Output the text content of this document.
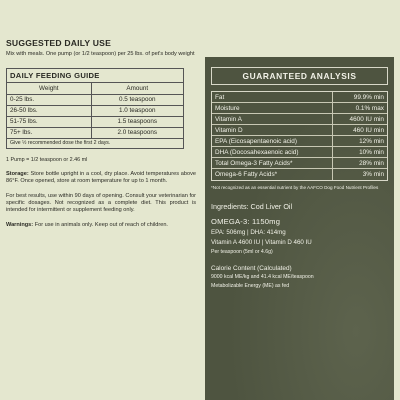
SUGGESTED DAILY USE
Mix with meals. One pump (or 1/2 teaspoon) per 25 lbs. of pet's body weight
DAILY FEEDING GUIDE
Weight	Amount
0-25 lbs.	0.5 teaspoon
26-50 lbs.	1.0 teaspoon
51-75 lbs.	1.5 teaspoons
75+ lbs.	2.0 teaspoons
Give ½ recommended dose the first 2 days.
1 Pump = 1/2 teaspoon or 2.46 ml
Storage: Store bottle upright in a cool, dry place. Avoid temperatures above 86°F. Once opened, store at room temperature for up to 1 month.
For best results, use within 90 days of opening. Consult your veterinarian for specific dosages. Not recognized as a complete diet. This product is intended for intermittent or supplement feeding only.
Warnings: For use in animals only. Keep out of reach of children.
GUARANTEED ANALYSIS
Fat	99.9% min
Moisture	0.1% max
Vitamin A	4600 IU min
Vitamin D	460 IU min
EPA (Eicosapentaenoic acid)	12% min
DHA (Docosahexaenoic acid)	10% min
Total Omega-3 Fatty Acids*	28% min
Omega-6 Fatty Acids*	3% min
*Not recognized as an essential nutrient by the AAFCO Dog Food Nutrient Profiles
Ingredients: Cod Liver Oil
OMEGA-3: 1150mg
EPA: 506mg | DHA: 414mg
Vitamin A 4600 IU | Vitamin D 460 IU
Per teaspoon (5ml or 4.6g)
Calorie Content (Calculated)
9000 kcal ME/kg and 41.4 kcal ME/teaspoon
Metabolizable Energy (ME) as fed
